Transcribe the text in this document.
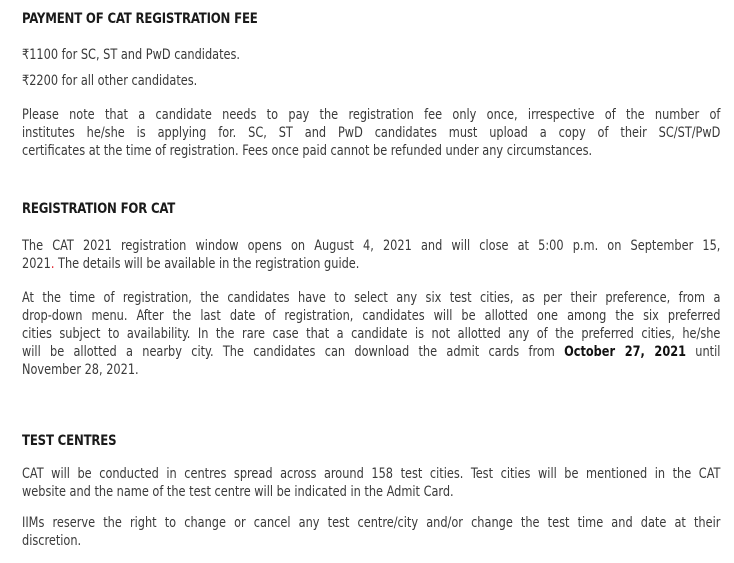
PAYMENT OF CAT REGISTRATION FEE
₹1100 for SC, ST and PwD candidates.
₹2200 for all other candidates.
Please note that a candidate needs to pay the registration fee only once, irrespective of the number of
institutes he/she is applying for. SC, ST and PwD candidates must upload a copy of their SC/ST/PwD
certificates at the time of registration. Fees once paid cannot be refunded under any circumstances.
REGISTRATION FOR CAT
The CAT 2021 registration window opens on August 4, 2021 and will close at 5:00 p.m. on September 15,
2021. The details will be available in the registration guide.
At the time of registration, the candidates have to select any six test cities, as per their preference, from a
drop-down menu. After the last date of registration, candidates will be allotted one among the six preferred
cities subject to availability. In the rare case that a candidate is not allotted any of the preferred cities, he/she
will be allotted a nearby city. The candidates can download the admit cards from October 27, 2021 until
November 28, 2021.
TEST CENTRES
CAT will be conducted in centres spread across around 158 test cities. Test cities will be mentioned in the CAT
website and the name of the test centre will be indicated in the Admit Card.
IIMs reserve the right to change or cancel any test centre/city and/or change the test time and date at their
discretion.
